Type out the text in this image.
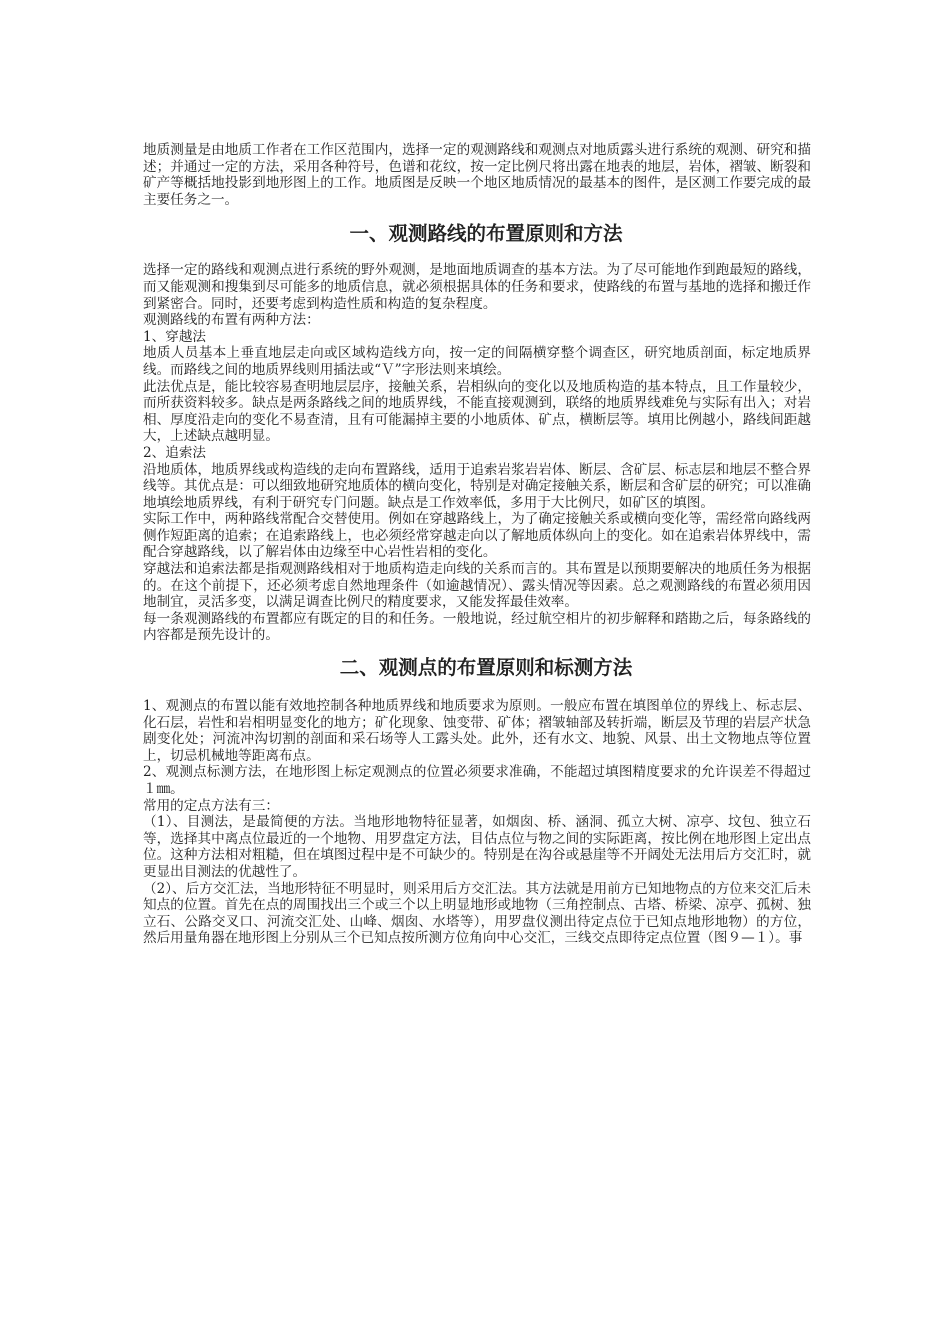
地质测量是由地质工作者在工作区范围内，选择一定的观测路线和观测点对地质露头进行系统的观测、研究和描述；并通过一定的方法，采用各种符号，色谱和花纹，按一定比例尺将出露在地表的地层，岩体，褶皱、断裂和矿产等概括地投影到地形图上的工作。地质图是反映一个地区地质情况的最基本的图件，是区测工作要完成的最主要任务之一。

一、观测路线的布置原则和方法

选择一定的路线和观测点进行系统的野外观测，是地面地质调查的基本方法。为了尽可能地作到跑最短的路线，而又能观测和搜集到尽可能多的地质信息，就必须根据具体的任务和要求，使路线的布置与基地的选择和搬迁作到紧密合。同时，还要考虑到构造性质和构造的复杂程度。

观测路线的布置有两种方法：

1、穿越法

地质人员基本上垂直地层走向或区域构造线方向，按一定的间隔横穿整个调查区，研究地质剖面，标定地质界线。而路线之间的地质界线则用插法或“Ｖ”字形法则来填绘。

此法优点是，能比较容易查明地层层序，接触关系，岩相纵向的变化以及地质构造的基本特点，且工作量较少，而所获资料较多。缺点是两条路线之间的地质界线，不能直接观测到，联络的地质界线难免与实际有出入；对岩相、厚度沿走向的变化不易查清，且有可能漏掉主要的小地质体、矿点，横断层等。填用比例越小，路线间距越大，上述缺点越明显。

2、追索法

沿地质体，地质界线或构造线的走向布置路线，适用于追索岩浆岩岩体、断层、含矿层、标志层和地层不整合界线等。其优点是：可以细致地研究地质体的横向变化，特别是对确定接触关系，断层和含矿层的研究；可以准确地填绘地质界线，有利于研究专门问题。缺点是工作效率低，多用于大比例尺，如矿区的填图。

实际工作中，两种路线常配合交替使用。例如在穿越路线上，为了确定接触关系或横向变化等，需经常向路线两侧作短距离的追索；在追索路线上，也必须经常穿越走向以了解地质体纵向上的变化。如在追索岩体界线中，需配合穿越路线，以了解岩体由边缘至中心岩性岩相的变化。

穿越法和追索法都是指观测路线相对于地质构造走向线的关系而言的。其布置是以预期要解决的地质任务为根据的。在这个前提下，还必须考虑自然地理条件（如逾越情况）、露头情况等因素。总之观测路线的布置必须用因地制宜，灵活多变，以满足调查比例尺的精度要求，又能发挥最佳效率。

每一条观测路线的布置都应有既定的目的和任务。一般地说，经过航空相片的初步解释和踏勘之后，每条路线的内容都是预先设计的。

二、观测点的布置原则和标测方法

1、观测点的布置以能有效地控制各种地质界线和地质要求为原则。一般应布置在填图单位的界线上、标志层、化石层，岩性和岩相明显变化的地方；矿化现象、蚀变带、矿体；褶皱轴部及转折端，断层及节理的岩层产状急剧变化处；河流冲沟切割的剖面和采石场等人工露头处。此外，还有水文、地貌、风景、出土文物地点等位置上，切忌机械地等距离布点。

2、观测点标测方法，在地形图上标定观测点的位置必须要求准确，不能超过填图精度要求的允许误差不得超过１㎜。

常用的定点方法有三：

（1）、目测法，是最简便的方法。当地形地物特征显著，如烟囱、桥、涵洞、孤立大树、凉亭、坟包、独立石等，选择其中离点位最近的一个地物、用罗盘定方法，目估点位与物之间的实际距离，按比例在地形图上定出点位。这种方法相对粗糙，但在填图过程中是不可缺少的。特别是在沟谷或悬崖等不开阔处无法用后方交汇时，就更显出目测法的优越性了。

（2）、后方交汇法，当地形特征不明显时，则采用后方交汇法。其方法就是用前方已知地物点的方位来交汇后未知点的位置。首先在点的周围找出三个或三个以上明显地形或地物（三角控制点、古塔、桥梁、凉亭、孤树、独立石、公路交叉口、河流交汇处、山峰、烟囱、水塔等），用罗盘仪测出待定点位于已知点地形地物）的方位，然后用量角器在地形图上分别从三个已知点按所测方位角向中心交汇，三线交点即待定点位置（图９—１）。事
